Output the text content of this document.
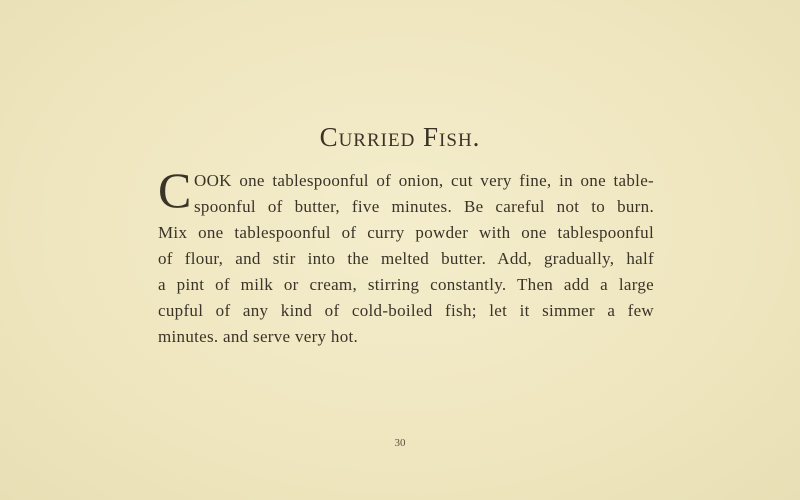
Curried Fish.
C OOK one tablespoonful of onion, cut very fine, in one table-
spoonful of butter, five minutes. Be careful not to burn.
Mix one tablespoonful of curry powder with one tablespoonful
of flour, and stir into the melted butter. Add, gradually, half
a pint of milk or cream, stirring constantly. Then add a large
cupful of any kind of cold-boiled fish; let it simmer a few
minutes. and serve very hot.
30
